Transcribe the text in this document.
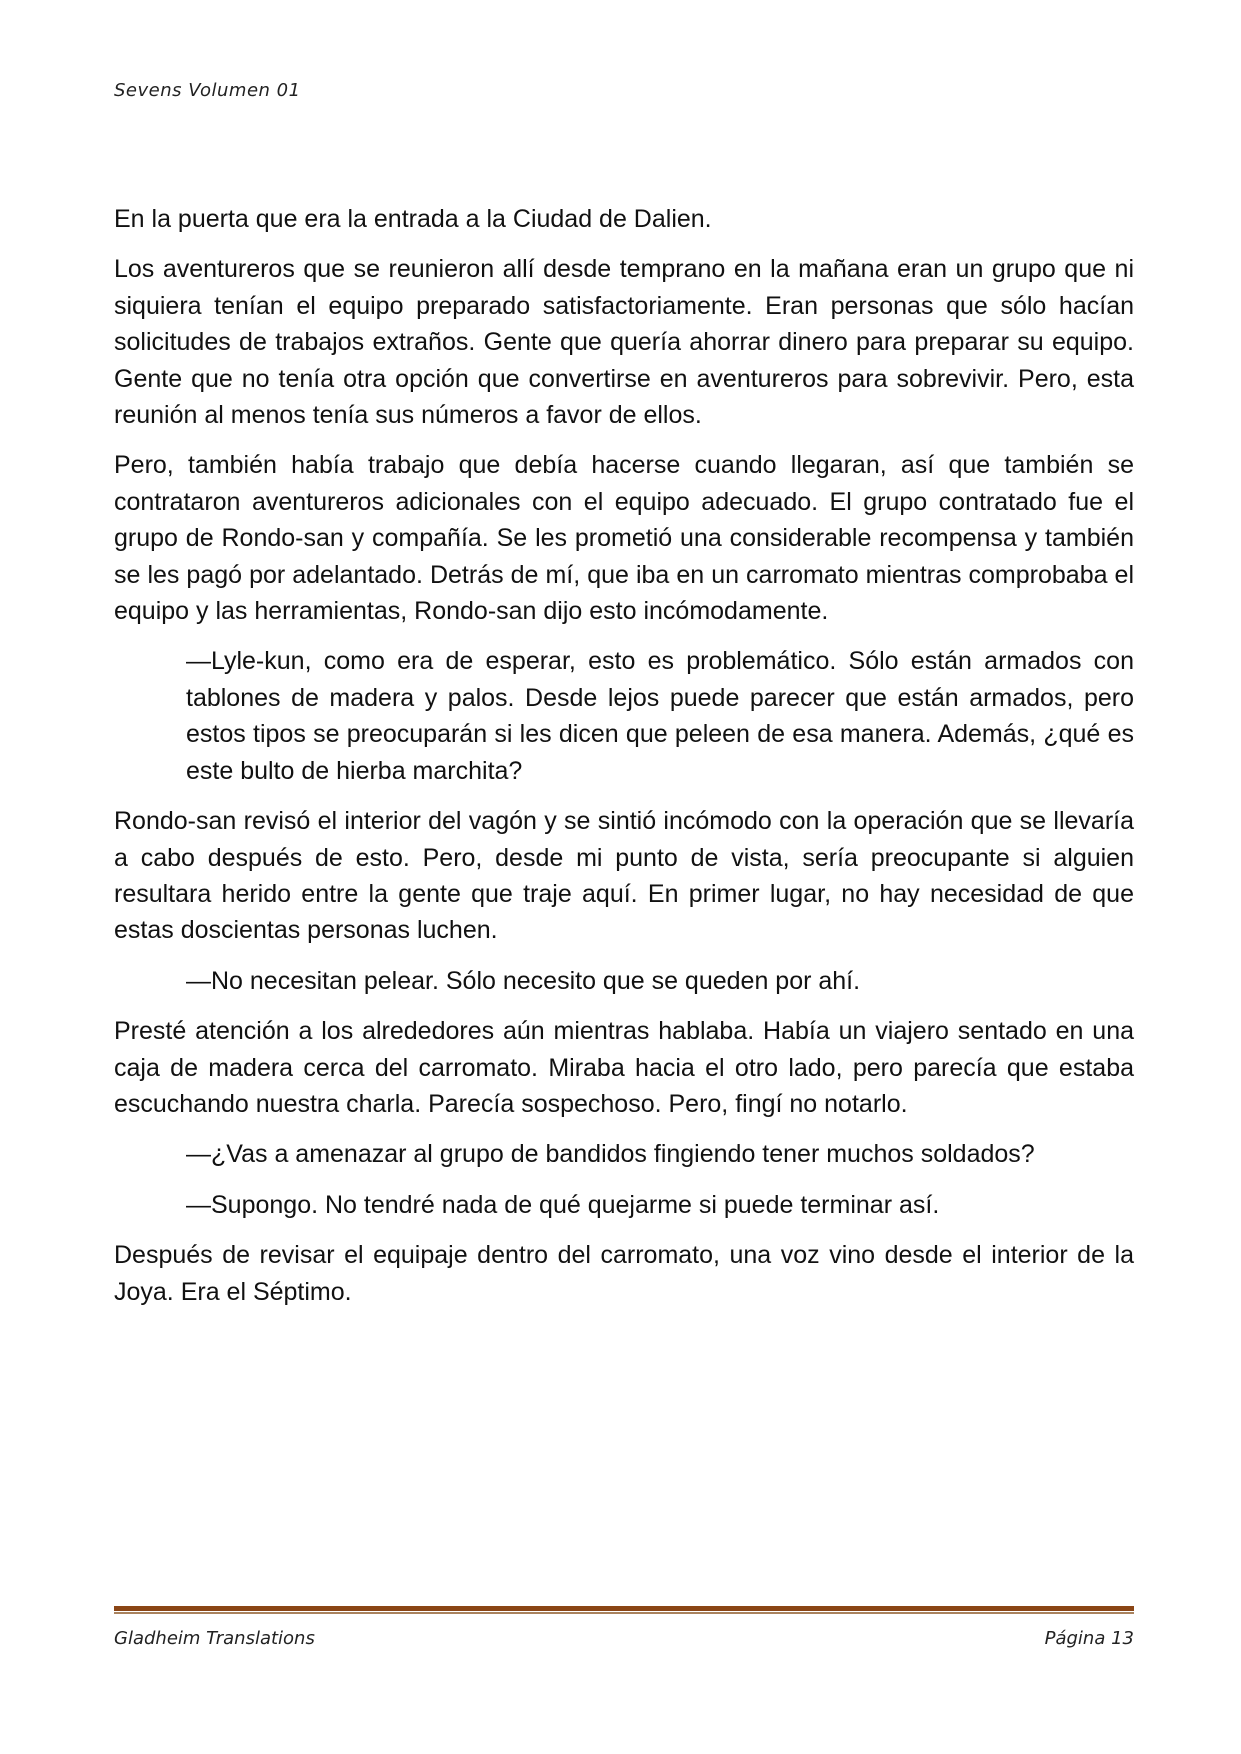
Sevens Volumen 01

En la puerta que era la entrada a la Ciudad de Dalien.

Los aventureros que se reunieron allí desde temprano en la mañana eran un grupo que ni siquiera tenían el equipo preparado satisfactoriamente. Eran personas que sólo hacían solicitudes de trabajos extraños. Gente que quería ahorrar dinero para preparar su equipo. Gente que no tenía otra opción que convertirse en aventureros para sobrevivir. Pero, esta reunión al menos tenía sus números a favor de ellos.

Pero, también había trabajo que debía hacerse cuando llegaran, así que también se contrataron aventureros adicionales con el equipo adecuado. El grupo contratado fue el grupo de Rondo-san y compañía. Se les prometió una considerable recompensa y también se les pagó por adelantado. Detrás de mí, que iba en un carromato mientras comprobaba el equipo y las herramientas, Rondo-san dijo esto incómodamente.

—Lyle-kun, como era de esperar, esto es problemático. Sólo están armados con tablones de madera y palos. Desde lejos puede parecer que están armados, pero estos tipos se preocuparán si les dicen que peleen de esa manera. Además, ¿qué es este bulto de hierba marchita?

Rondo-san revisó el interior del vagón y se sintió incómodo con la operación que se llevaría a cabo después de esto. Pero, desde mi punto de vista, sería preocupante si alguien resultara herido entre la gente que traje aquí. En primer lugar, no hay necesidad de que estas doscientas personas luchen.

—No necesitan pelear. Sólo necesito que se queden por ahí.

Presté atención a los alrededores aún mientras hablaba. Había un viajero sentado en una caja de madera cerca del carromato. Miraba hacia el otro lado, pero parecía que estaba escuchando nuestra charla. Parecía sospechoso. Pero, fingí no notarlo.

—¿Vas a amenazar al grupo de bandidos fingiendo tener muchos soldados?

—Supongo. No tendré nada de qué quejarme si puede terminar así.

Después de revisar el equipaje dentro del carromato, una voz vino desde el interior de la Joya. Era el Séptimo.

Gladheim Translations	Página 13
